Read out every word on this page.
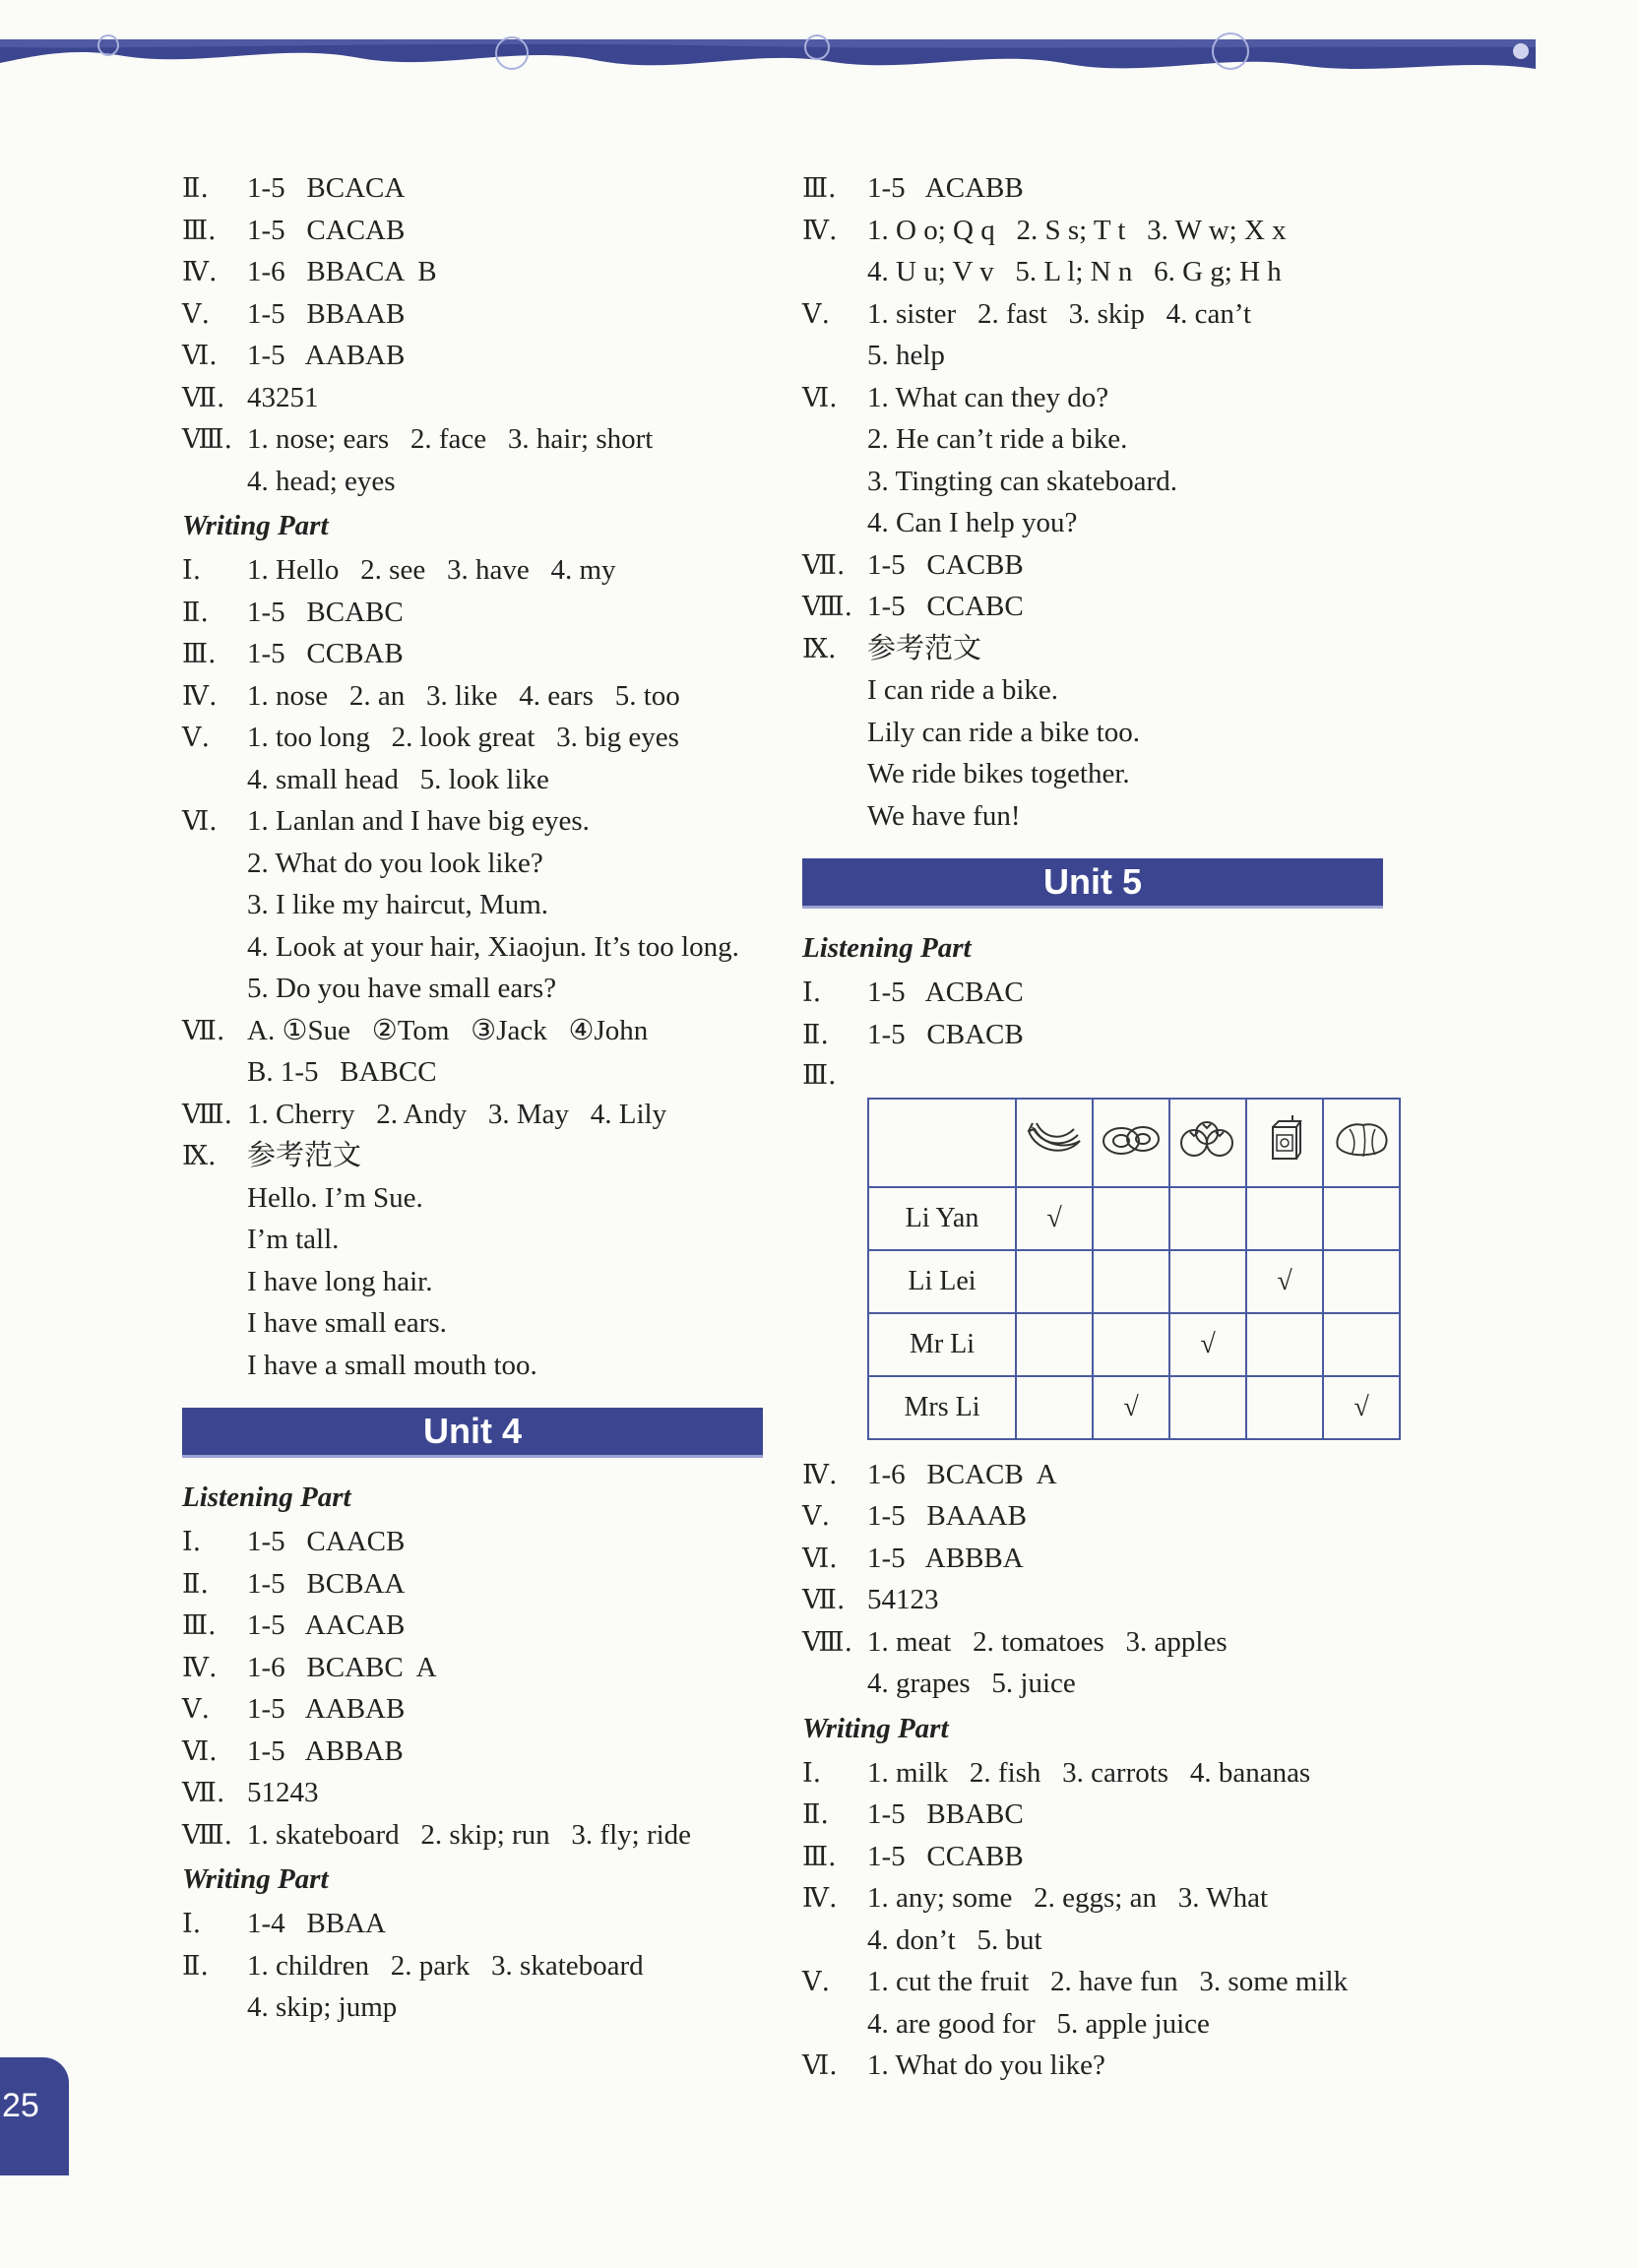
Ⅱ.	1-5   BCACA
Ⅲ.	1-5   CACAB
Ⅳ.	1-6   BBACA  B
Ⅴ.	1-5   BBAAB
Ⅵ.	1-5   AABAB
Ⅶ. 43251
Ⅷ. 1. nose; ears   2. face   3. hair; short
4. head; eyes
Writing Part
Ⅰ.	1. Hello   2. see   3. have   4. my
Ⅱ.	1-5   BCABC
Ⅲ.	1-5   CCBAB
Ⅳ.	1. nose   2. an   3. like   4. ears   5. too
Ⅴ.	1. too long   2. look great   3. big eyes
4. small head   5. look like
Ⅵ.	1. Lanlan and I have big eyes.
2. What do you look like?
3. I like my haircut, Mum.
4. Look at your hair, Xiaojun. It’s too long.
5. Do you have small ears?
Ⅶ. A. ①Sue   ②Tom   ③Jack   ④John
B. 1-5   BABCC
Ⅷ. 1. Cherry   2. Andy   3. May   4. Lily
Ⅸ.	参考范文
Hello. I’m Sue.
I’m tall.
I have long hair.
I have small ears.
I have a small mouth too.
Unit 4
Listening Part
Ⅰ.	1-5   CAACB
Ⅱ.	1-5   BCBAA
Ⅲ.	1-5   AACAB
Ⅳ.	1-6   BCABC  A
Ⅴ.	1-5   AABAB
Ⅵ.	1-5   ABBAB
Ⅶ. 51243
Ⅷ. 1. skateboard   2. skip; run   3. fly; ride
Writing Part
Ⅰ.	1-4   BBAA
Ⅱ.	1. children   2. park   3. skateboard
4. skip; jump
Ⅲ.	1-5   ACABB
Ⅳ.	1. O o; Q q   2. S s; T t   3. W w; X x
4. U u; V v   5. L l; N n   6. G g; H h
Ⅴ.	1. sister   2. fast   3. skip   4. can’t
5. help
Ⅵ.	1. What can they do?
2. He can’t ride a bike.
3. Tingting can skateboard.
4. Can I help you?
Ⅶ. 1-5   CACBB
Ⅷ. 1-5   CCABC
Ⅸ.	参考范文
I can ride a bike.
Lily can ride a bike too.
We ride bikes together.
We have fun!
Unit 5
Listening Part
Ⅰ.	1-5   ACBAC
Ⅱ.	1-5   CBACB
Ⅲ.

Li Yan	√				
Li Lei				√	
Mr Li			√		
Mrs Li		√			√
Ⅳ.	1-6   BCACB  A
Ⅴ.	1-5   BAAAB
Ⅵ.	1-5   ABBBA
Ⅶ. 54123
Ⅷ. 1. meat   2. tomatoes   3. apples
4. grapes   5. juice
Writing Part
Ⅰ.	1. milk   2. fish   3. carrots   4. bananas
Ⅱ.	1-5   BBABC
Ⅲ.	1-5   CCABB
Ⅳ.	1. any; some   2. eggs; an   3. What
4. don’t   5. but
Ⅴ.	1. cut the fruit   2. have fun   3. some milk
4. are good for   5. apple juice
Ⅵ.	1. What do you like?
25
